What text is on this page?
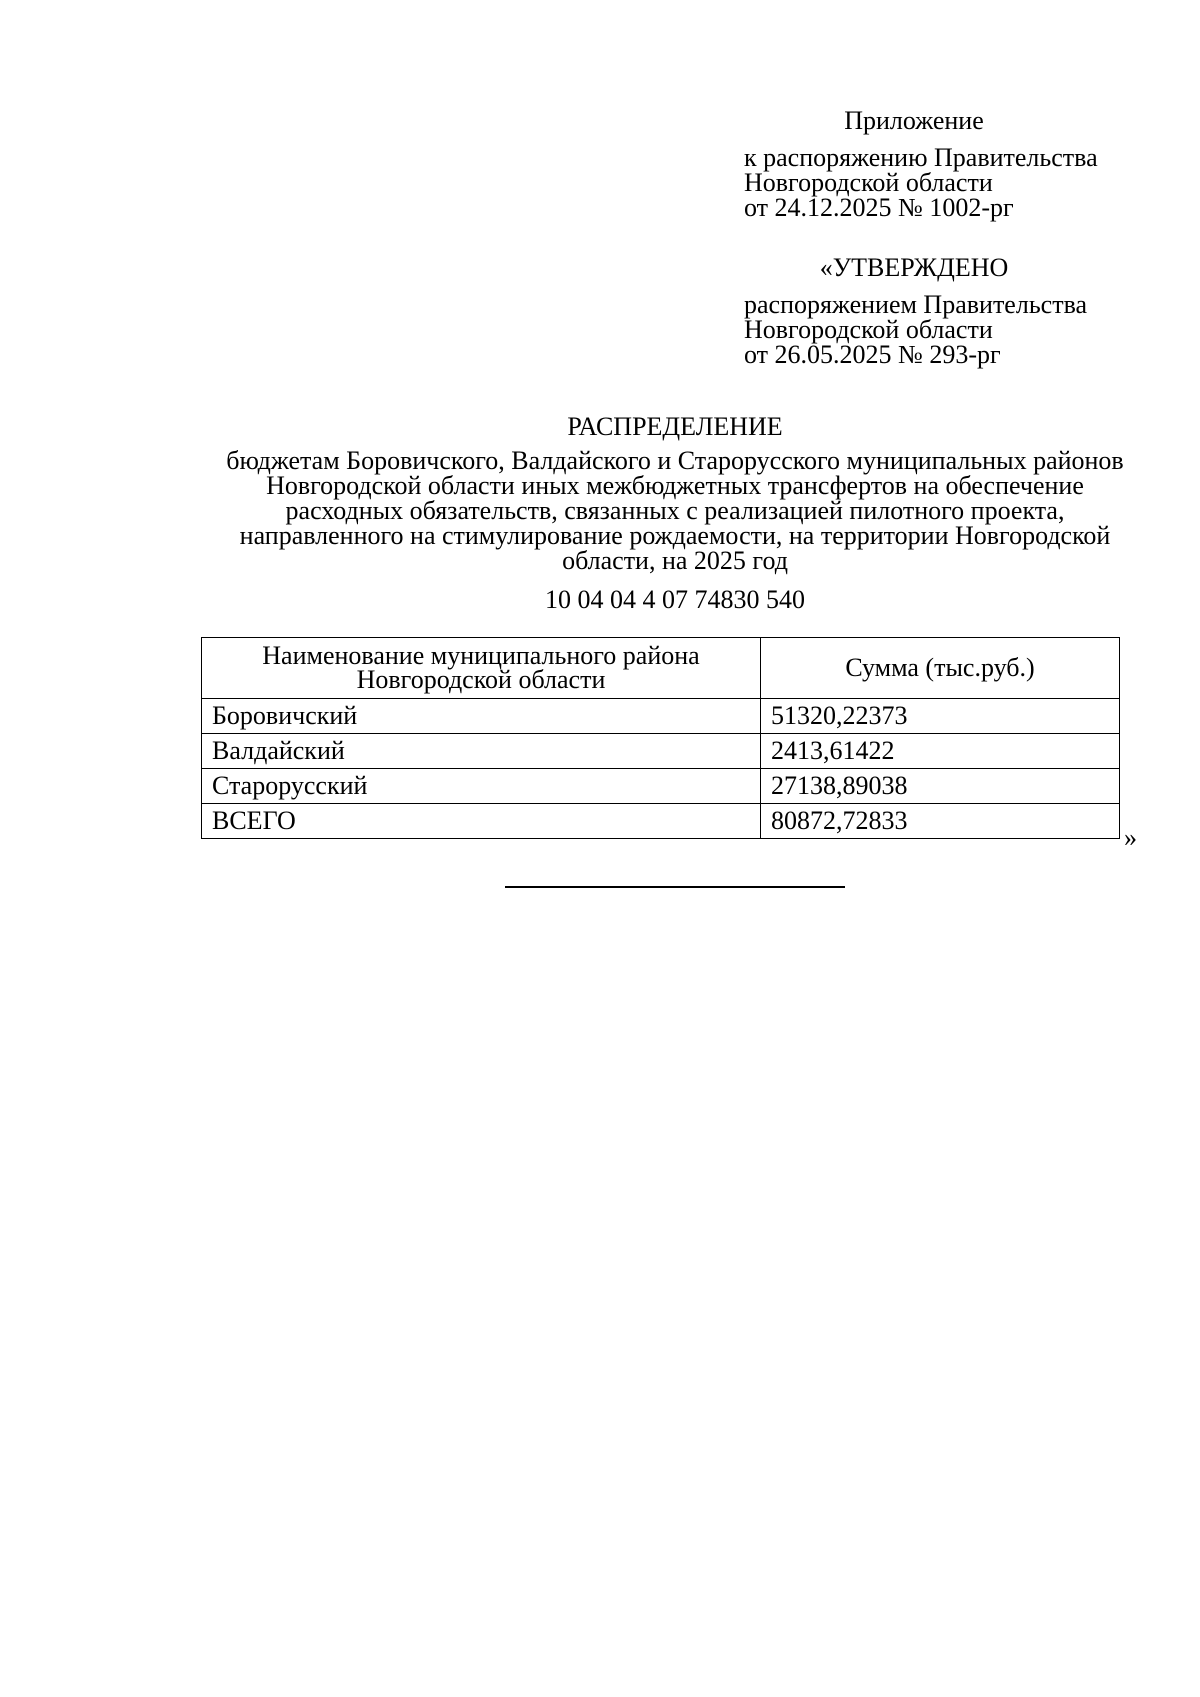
Приложение
к распоряжению Правительства
Новгородской области
от 24.12.2025 № 1002-рг
«УТВЕРЖДЕНО
распоряжением Правительства
Новгородской области
от 26.05.2025 № 293-рг
РАСПРЕДЕЛЕНИЕ
бюджетам Боровичского, Валдайского и Старорусского муниципальных районов Новгородской области иных межбюджетных трансфертов на обеспечение расходных обязательств, связанных с реализацией пилотного проекта, направленного на стимулирование рождаемости, на территории Новгородской области, на 2025 год
10 04 04 4 07 74830 540
Наименование муниципального района Новгородской области	Сумма (тыс.руб.)
Боровичский	51320,22373
Валдайский	2413,61422
Старорусский	27138,89038
ВСЕГО	80872,72833
»
